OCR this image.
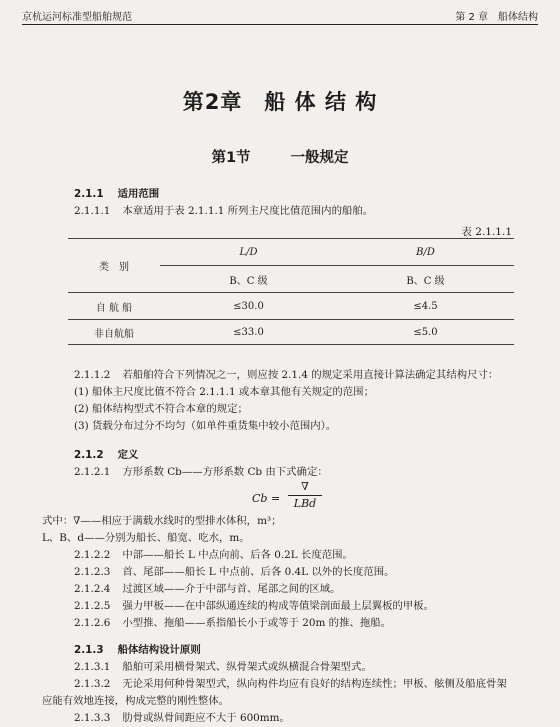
京杭运河标准型船舶规范	第 2 章　船体结构
第2章　船 体 结 构
第1节	一般规定
2.1.1 适用范围
2.1.1.1 本章适用于表 2.1.1.1 所列主尺度比值范围内的船舶。
表 2.1.1.1
类　别	L/D	B/D
	B、C 级	B、C 级
自 航 船	≤30.0	≤4.5
非自航船	≤33.0	≤5.0
2.1.1.2 若船舶符合下列情况之一，则应按 2.1.4 的规定采用直接计算法确定其结构尺寸：
(1) 船体主尺度比值不符合 2.1.1.1 或本章其他有关规定的范围；
(2) 船体结构型式不符合本章的规定；
(3) 货载分布过分不均匀（如单件重货集中较小范围内）。
2.1.2 定义
2.1.2.1 方形系数 Cb——方形系数 Cb 由下式确定：
Cb =
∇
LBd
式中：∇——相应于满载水线时的型排水体积，m³；
L、B、d——分别为船长、船宽、吃水，m。
2.1.2.2 中部——船长 L 中点向前、后各 0.2L 长度范围。
2.1.2.3 首、尾部——船长 L 中点前、后各 0.4L 以外的长度范围。
2.1.2.4 过渡区域——介于中部与首、尾部之间的区域。
2.1.2.5 强力甲板——在中部纵通连续的构成等值梁剖面最上层翼板的甲板。
2.1.2.6 小型推、拖船——系指船长小于或等于 20m 的推、拖船。
2.1.3 船体结构设计原则
2.1.3.1 船舶可采用横骨架式、纵骨架式或纵横混合骨架型式。
2.1.3.2 无论采用何种骨架型式，纵向构件均应有良好的结构连续性；甲板、舷侧及船底骨架
应能有效地连接，构成完整的刚性整体。
2.1.3.3 肋骨或纵骨间距应不大于 600mm。
